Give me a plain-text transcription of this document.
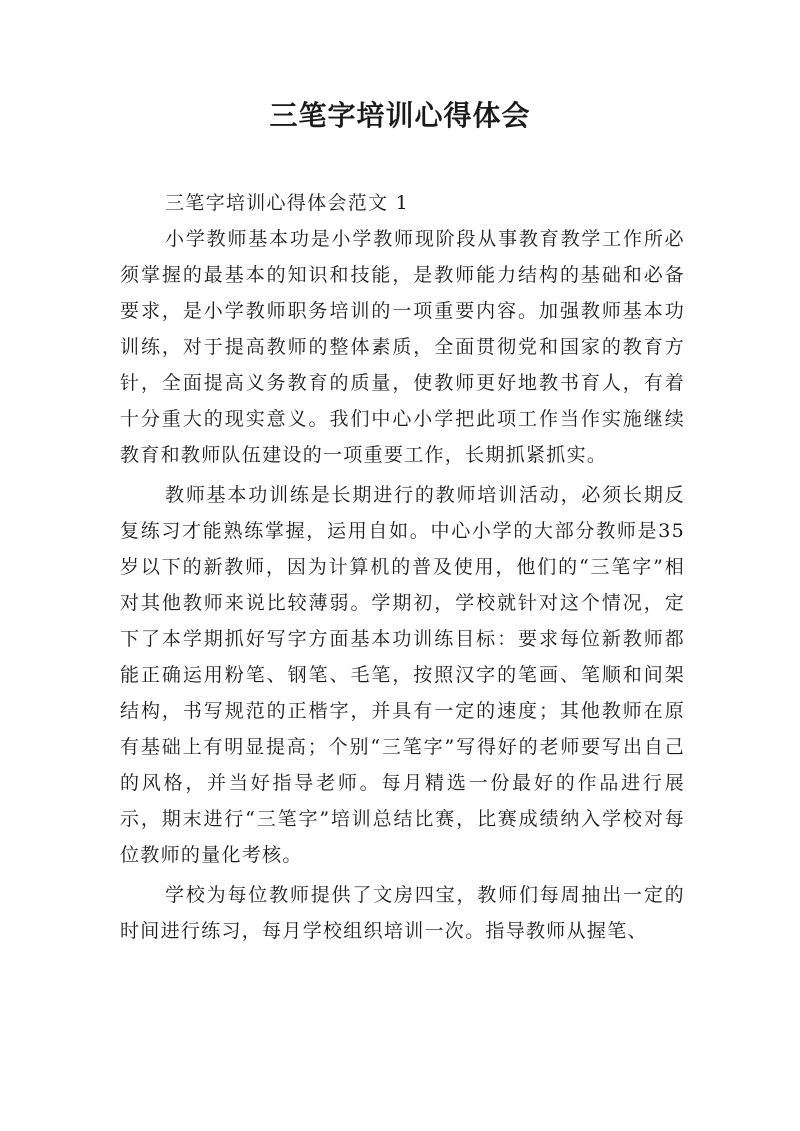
三笔字培训心得体会

三笔字培训心得体会范文 1

小学教师基本功是小学教师现阶段从事教育教学工作所必须掌握的最基本的知识和技能，是教师能力结构的基础和必备要求，是小学教师职务培训的一项重要内容。加强教师基本功训练，对于提高教师的整体素质，全面贯彻党和国家的教育方针，全面提高义务教育的质量，使教师更好地教书育人，有着十分重大的现实意义。我们中心小学把此项工作当作实施继续教育和教师队伍建设的一项重要工作，长期抓紧抓实。

教师基本功训练是长期进行的教师培训活动，必须长期反复练习才能熟练掌握，运用自如。中心小学的大部分教师是35岁以下的新教师，因为计算机的普及使用，他们的“三笔字”相对其他教师来说比较薄弱。学期初，学校就针对这个情况，定下了本学期抓好写字方面基本功训练目标：要求每位新教师都能正确运用粉笔、钢笔、毛笔，按照汉字的笔画、笔顺和间架结构，书写规范的正楷字，并具有一定的速度；其他教师在原有基础上有明显提高；个别“三笔字”写得好的老师要写出自己的风格，并当好指导老师。每月精选一份最好的作品进行展示，期末进行“三笔字”培训总结比赛，比赛成绩纳入学校对每位教师的量化考核。

学校为每位教师提供了文房四宝，教师们每周抽出一定的时间进行练习，每月学校组织培训一次。指导教师从握笔、
